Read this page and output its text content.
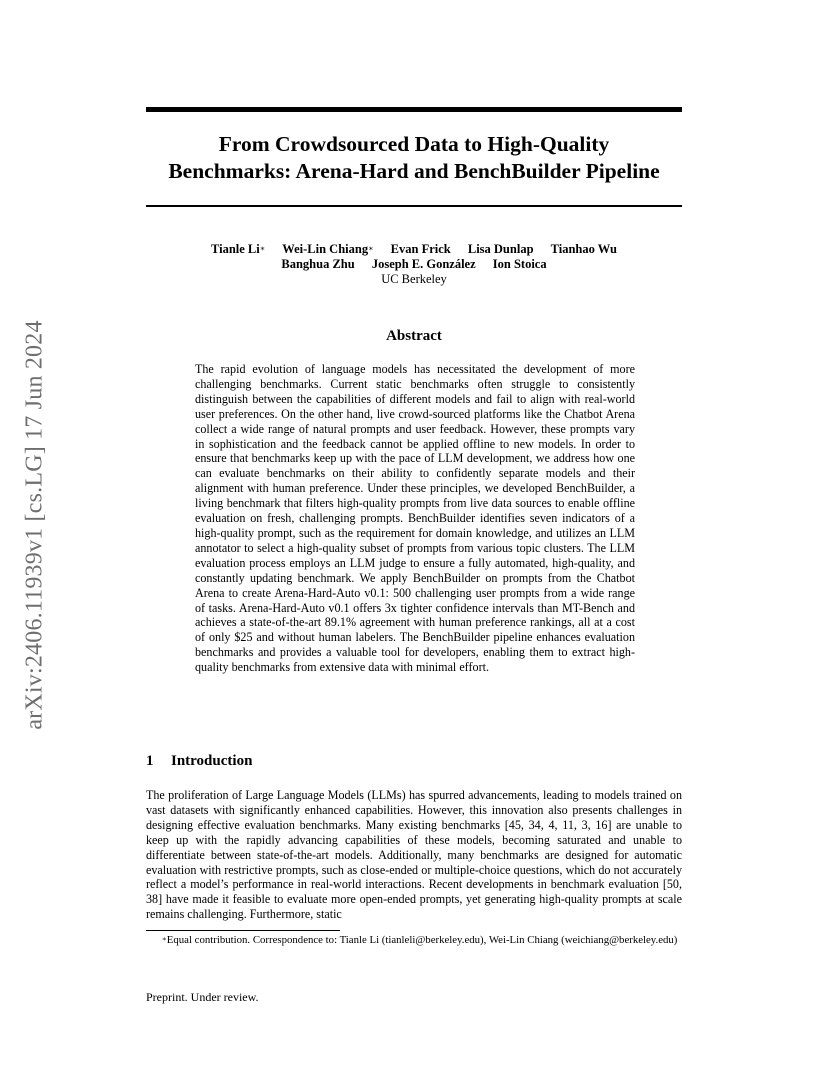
arXiv:2406.11939v1 [cs.LG] 17 Jun 2024
From Crowdsourced Data to High-Quality
Benchmarks: Arena-Hard and BenchBuilder Pipeline
Tianle Li∗ Wei-Lin Chiang∗ Evan Frick Lisa Dunlap Tianhao Wu
Banghua Zhu Joseph E. González Ion Stoica
UC Berkeley
Abstract

The rapid evolution of language models has necessitated the development of more challenging benchmarks. Current static benchmarks often struggle to consistently distinguish between the capabilities of different models and fail to align with real-world user preferences. On the other hand, live crowd-sourced platforms like the Chatbot Arena collect a wide range of natural prompts and user feedback. However, these prompts vary in sophistication and the feedback cannot be applied offline to new models. In order to ensure that benchmarks keep up with the pace of LLM development, we address how one can evaluate benchmarks on their ability to confidently separate models and their alignment with human preference. Under these principles, we developed BenchBuilder, a living benchmark that filters high-quality prompts from live data sources to enable offline evaluation on fresh, challenging prompts. BenchBuilder identifies seven indicators of a high-quality prompt, such as the requirement for domain knowledge, and utilizes an LLM annotator to select a high-quality subset of prompts from various topic clusters. The LLM evaluation process employs an LLM judge to ensure a fully automated, high-quality, and constantly updating benchmark. We apply BenchBuilder on prompts from the Chatbot Arena to create Arena-Hard-Auto v0.1: 500 challenging user prompts from a wide range of tasks. Arena-Hard-Auto v0.1 offers 3x tighter confidence intervals than MT-Bench and achieves a state-of-the-art 89.1% agreement with human preference rankings, all at a cost of only $25 and without human labelers. The BenchBuilder pipeline enhances evaluation benchmarks and provides a valuable tool for developers, enabling them to extract high-quality benchmarks from extensive data with minimal effort.

1 Introduction

The proliferation of Large Language Models (LLMs) has spurred advancements, leading to models trained on vast datasets with significantly enhanced capabilities. However, this innovation also presents challenges in designing effective evaluation benchmarks. Many existing benchmarks [45, 34, 4, 11, 3, 16] are unable to keep up with the rapidly advancing capabilities of these models, becoming saturated and unable to differentiate between state-of-the-art models. Additionally, many benchmarks are designed for automatic evaluation with restrictive prompts, such as close-ended or multiple-choice questions, which do not accurately reflect a model’s performance in real-world interactions. Recent developments in benchmark evaluation [50, 38] have made it feasible to evaluate more open-ended prompts, yet generating high-quality prompts at scale remains challenging. Furthermore, static

∗Equal contribution. Correspondence to: Tianle Li (tianleli@berkeley.edu), Wei-Lin Chiang (weichiang@berkeley.edu)

Preprint. Under review.
